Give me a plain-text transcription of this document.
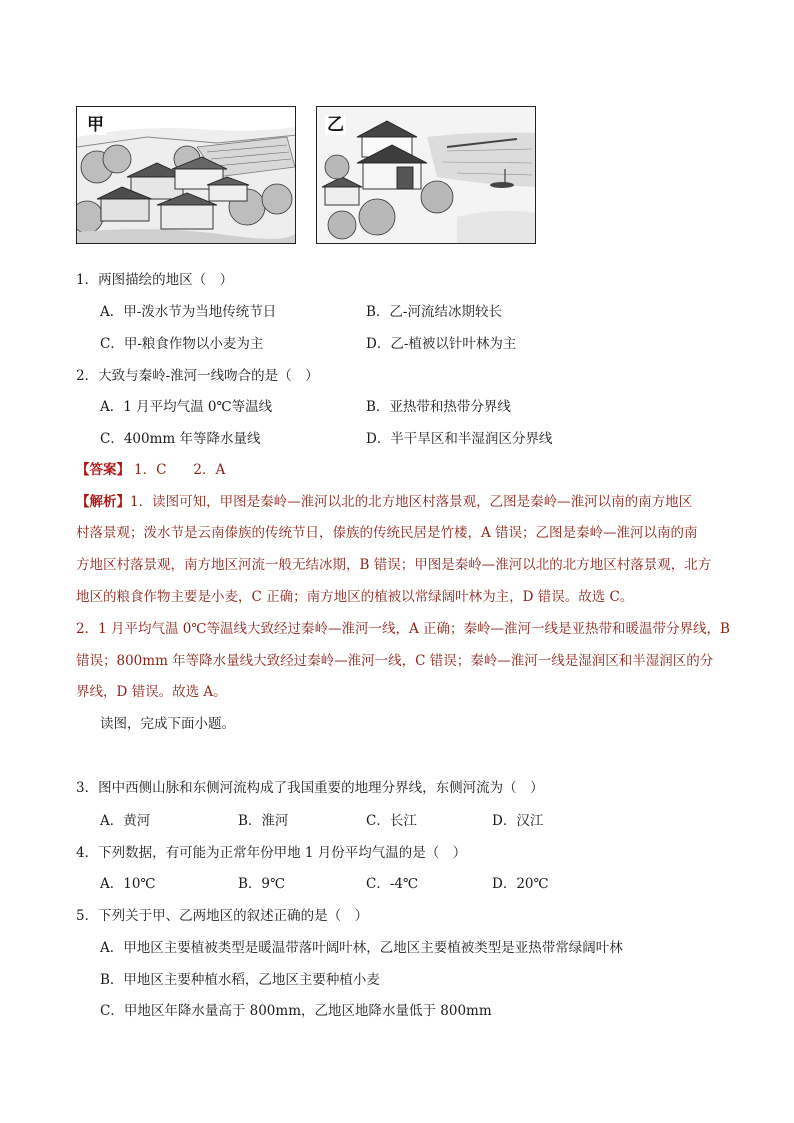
甲	乙
1．两图描绘的地区（　）
A．甲-泼水节为当地传统节日	B．乙-河流结冰期较长
C．甲-粮食作物以小麦为主	D．乙-植被以针叶林为主
2．大致与秦岭-淮河一线吻合的是（　）
A．1 月平均气温 0℃等温线	B．亚热带和热带分界线
C．400mm 年等降水量线	D．半干旱区和半湿润区分界线
【答案】 1．C　　2．A
【解析】1．读图可知，甲图是秦岭—淮河以北的北方地区村落景观，乙图是秦岭—淮河以南的南方地区
村落景观；泼水节是云南傣族的传统节日，傣族的传统民居是竹楼，A 错误；乙图是秦岭—淮河以南的南
方地区村落景观，南方地区河流一般无结冰期，B 错误；甲图是秦岭—淮河以北的北方地区村落景观，北方
地区的粮食作物主要是小麦，C 正确；南方地区的植被以常绿阔叶林为主，D 错误。故选 C。
2．1 月平均气温 0℃等温线大致经过秦岭—淮河一线，A 正确；秦岭—淮河一线是亚热带和暖温带分界线，B
错误；800mm 年等降水量线大致经过秦岭—淮河一线，C 错误；秦岭—淮河一线是湿润区和半湿润区的分
界线，D 错误。故选 A。
读图，完成下面小题。
3．图中西侧山脉和东侧河流构成了我国重要的地理分界线，东侧河流为（　）
A．黄河	B．淮河	C．长江	D．汉江
4．下列数据，有可能为正常年份甲地 1 月份平均气温的是（　）
A．10℃	B．9℃	C．-4℃	D．20℃
5．下列关于甲、乙两地区的叙述正确的是（　）
A．甲地区主要植被类型是暖温带落叶阔叶林，乙地区主要植被类型是亚热带常绿阔叶林
B．甲地区主要种植水稻，乙地区主要种植小麦
C．甲地区年降水量高于 800mm，乙地区地降水量低于 800mm
